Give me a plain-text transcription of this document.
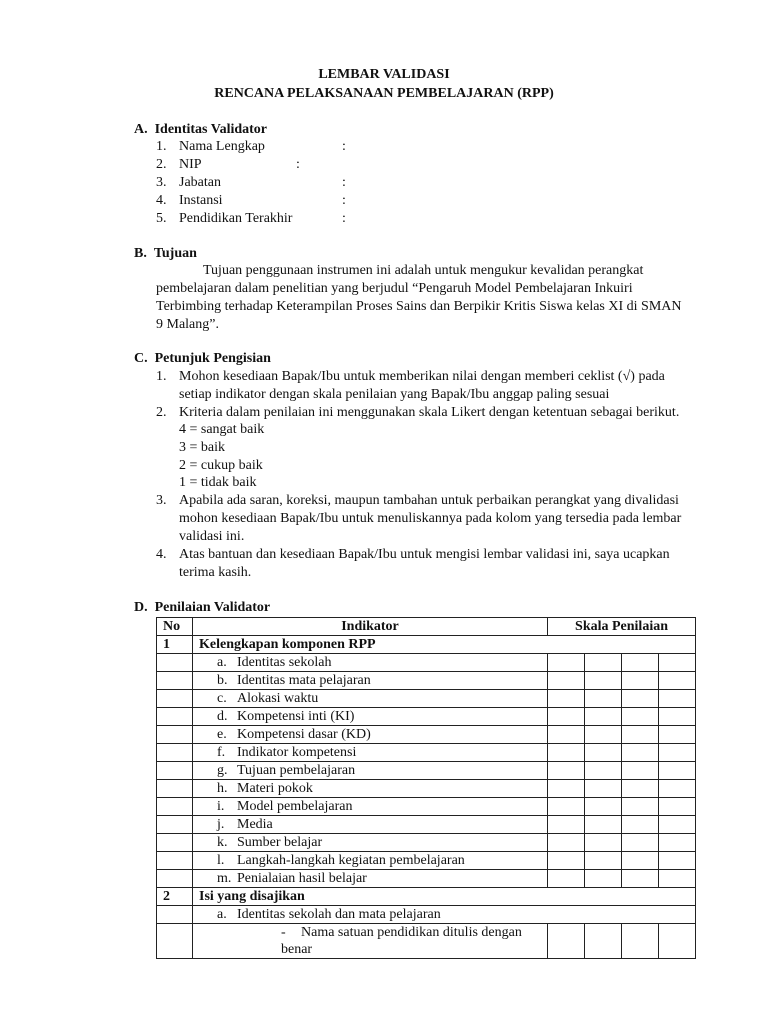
LEMBAR VALIDASI
RENCANA PELAKSANAAN PEMBELAJARAN (RPP)
A.  Identitas Validator
1. Nama Lengkap	:
2. NIP	:
3. Jabatan	:
4. Instansi	:
5. Pendidikan Terakhir	:
B.  Tujuan
Tujuan penggunaan instrumen ini adalah untuk mengukur kevalidan perangkat
pembelajaran dalam penelitian yang berjudul “Pengaruh Model Pembelajaran Inkuiri
Terbimbing terhadap Keterampilan Proses Sains dan Berpikir Kritis Siswa kelas XI di SMAN
9 Malang”.
C.  Petunjuk Pengisian
1. Mohon kesediaan Bapak/Ibu untuk memberikan nilai dengan memberi ceklist (√) pada
setiap indikator dengan skala penilaian yang Bapak/Ibu anggap paling sesuai
2. Kriteria dalam penilaian ini menggunakan skala Likert dengan ketentuan sebagai berikut.
4 = sangat baik
3 = baik
2 = cukup baik
1 = tidak baik
3. Apabila ada saran, koreksi, maupun tambahan untuk perbaikan perangkat yang divalidasi
mohon kesediaan Bapak/Ibu untuk menuliskannya pada kolom yang tersedia pada lembar
validasi ini.
4. Atas bantuan dan kesediaan Bapak/Ibu untuk mengisi lembar validasi ini, saya ucapkan
terima kasih.
D.  Penilaian Validator
No	Indikator	Skala Penilaian			
1	Kelengkapan komponen RPP				
	a. Identitas sekolah				
	b. Identitas mata pelajaran				
	c. Alokasi waktu				
	d. Kompetensi inti (KI)				
	e. Kompetensi dasar (KD)				
	f. Indikator kompetensi				
	g. Tujuan pembelajaran				
	h. Materi pokok				
	i. Model pembelajaran				
	j. Media				
	k. Sumber belajar				
	l. Langkah-langkah kegiatan pembelajaran				
	m. Penialaian hasil belajar				
2	Isi yang disajikan				
	a. Identitas sekolah dan mata pelajaran				
	- Nama satuan pendidikan ditulis dengan benar				
